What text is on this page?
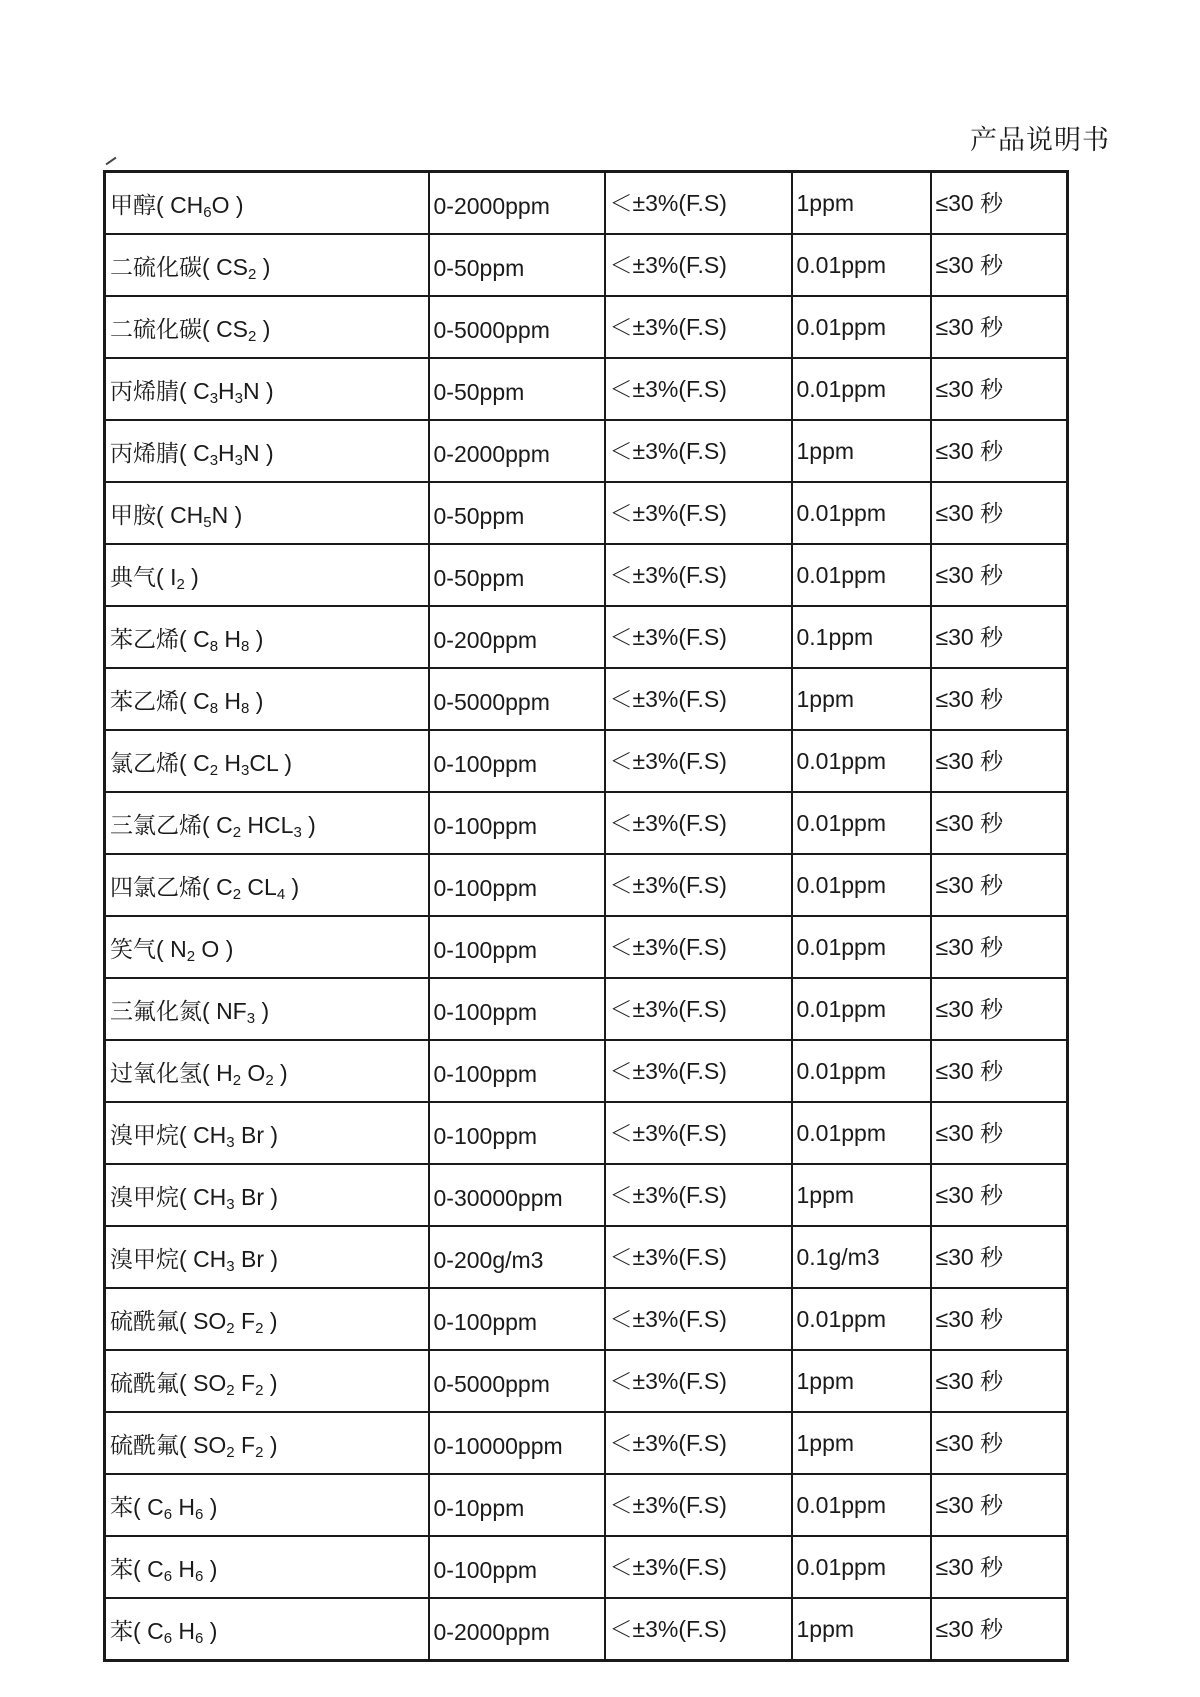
产品说明书
甲醇( $CH_6O$ )	0-2000ppm	＜±3%(F.S)	1ppm	≤30 秒
二硫化碳( $CS_2$ )	0-50ppm	＜±3%(F.S)	0.01ppm	≤30 秒
二硫化碳( $CS_2$ )	0-5000ppm	＜±3%(F.S)	0.01ppm	≤30 秒
丙烯腈( $C_3H_3N$ )	0-50ppm	＜±3%(F.S)	0.01ppm	≤30 秒
丙烯腈( $C_3H_3N$ )	0-2000ppm	＜±3%(F.S)	1ppm	≤30 秒
甲胺( $CH_5N$ )	0-50ppm	＜±3%(F.S)	0.01ppm	≤30 秒
典气( $I_2$ )	0-50ppm	＜±3%(F.S)	0.01ppm	≤30 秒
苯乙烯( $C_8$ $H_8$ )	0-200ppm	＜±3%(F.S)	0.1ppm	≤30 秒
苯乙烯( $C_8$ $H_8$ )	0-5000ppm	＜±3%(F.S)	1ppm	≤30 秒
氯乙烯( $C_2$ $H_3CL$ )	0-100ppm	＜±3%(F.S)	0.01ppm	≤30 秒
三氯乙烯( $C_2$ $HCL_3$ )	0-100ppm	＜±3%(F.S)	0.01ppm	≤30 秒
四氯乙烯( $C_2$ $CL_4$ )	0-100ppm	＜±3%(F.S)	0.01ppm	≤30 秒
笑气( $N_2$ O )	0-100ppm	＜±3%(F.S)	0.01ppm	≤30 秒
三氟化氮( $NF_3$ )	0-100ppm	＜±3%(F.S)	0.01ppm	≤30 秒
过氧化氢( $H_2$ $O_2$ )	0-100ppm	＜±3%(F.S)	0.01ppm	≤30 秒
溴甲烷( $CH_3$ Br )	0-100ppm	＜±3%(F.S)	0.01ppm	≤30 秒
溴甲烷( $CH_3$ Br )	0-30000ppm	＜±3%(F.S)	1ppm	≤30 秒
溴甲烷( $CH_3$ Br )	0-200g/m3	＜±3%(F.S)	0.1g/m3	≤30 秒
硫酰氟( $SO_2$ $F_2$ )	0-100ppm	＜±3%(F.S)	0.01ppm	≤30 秒
硫酰氟( $SO_2$ $F_2$ )	0-5000ppm	＜±3%(F.S)	1ppm	≤30 秒
硫酰氟( $SO_2$ $F_2$ )	0-10000ppm	＜±3%(F.S)	1ppm	≤30 秒
苯( $C_6$ $H_6$ )	0-10ppm	＜±3%(F.S)	0.01ppm	≤30 秒
苯( $C_6$ $H_6$ )	0-100ppm	＜±3%(F.S)	0.01ppm	≤30 秒
苯( $C_6$ $H_6$ )	0-2000ppm	＜±3%(F.S)	1ppm	≤30 秒
